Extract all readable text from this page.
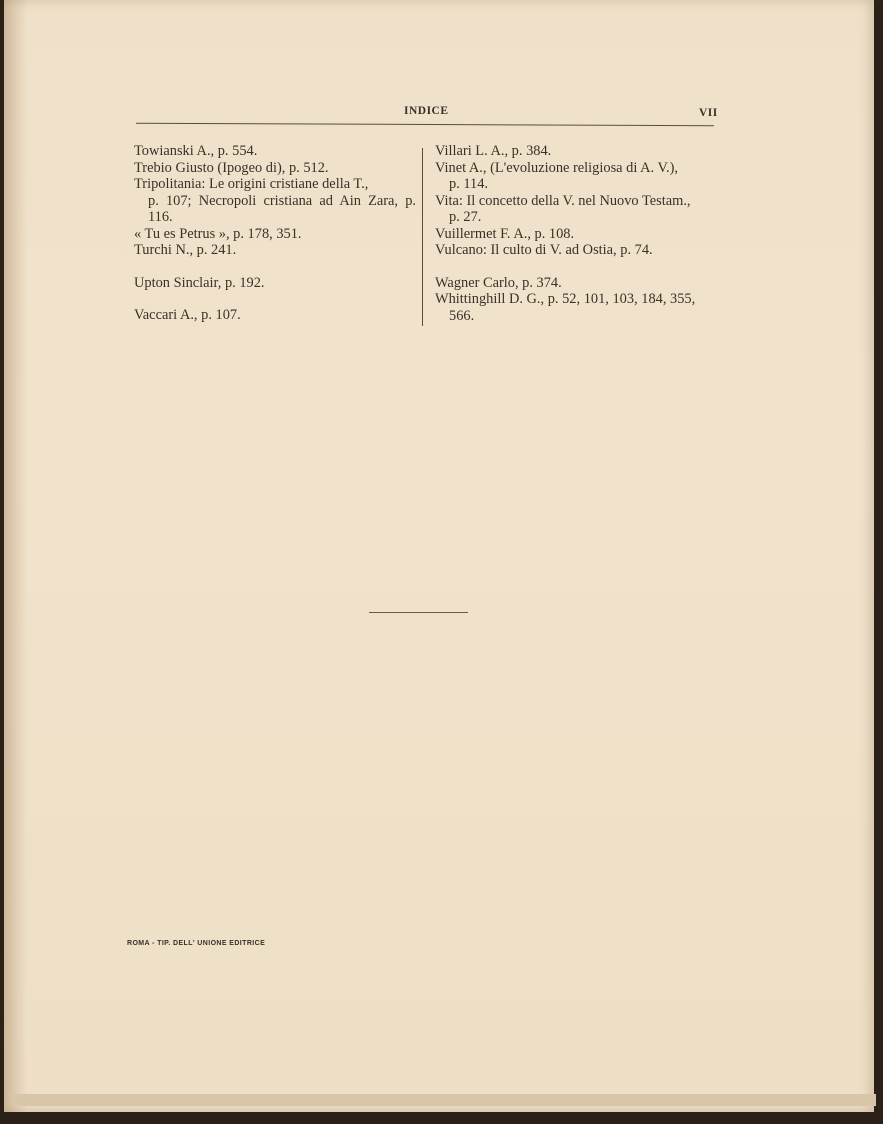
INDICE	VII
Towianski A., p. 554.
Trebio Giusto (Ipogeo di), p. 512.
Tripolitania: Le origini cristiane della T.,
p. 107; Necropoli cristiana ad Ain Zara, p. 116.
« Tu es Petrus », p. 178, 351.
Turchi N., p. 241.
Upton Sinclair, p. 192.
Vaccari A., p. 107.
Villari L. A., p. 384.
Vinet A., (L'evoluzione religiosa di A. V.),
p. 114.
Vita: Il concetto della V. nel Nuovo Testam.,
p. 27.
Vuillermet F. A., p. 108.
Vulcano: Il culto di V. ad Ostia, p. 74.
Wagner Carlo, p. 374.
Whittinghill D. G., p. 52, 101, 103, 184, 355,
566.
ROMA - TIP. DELL' UNIONE EDITRICE
